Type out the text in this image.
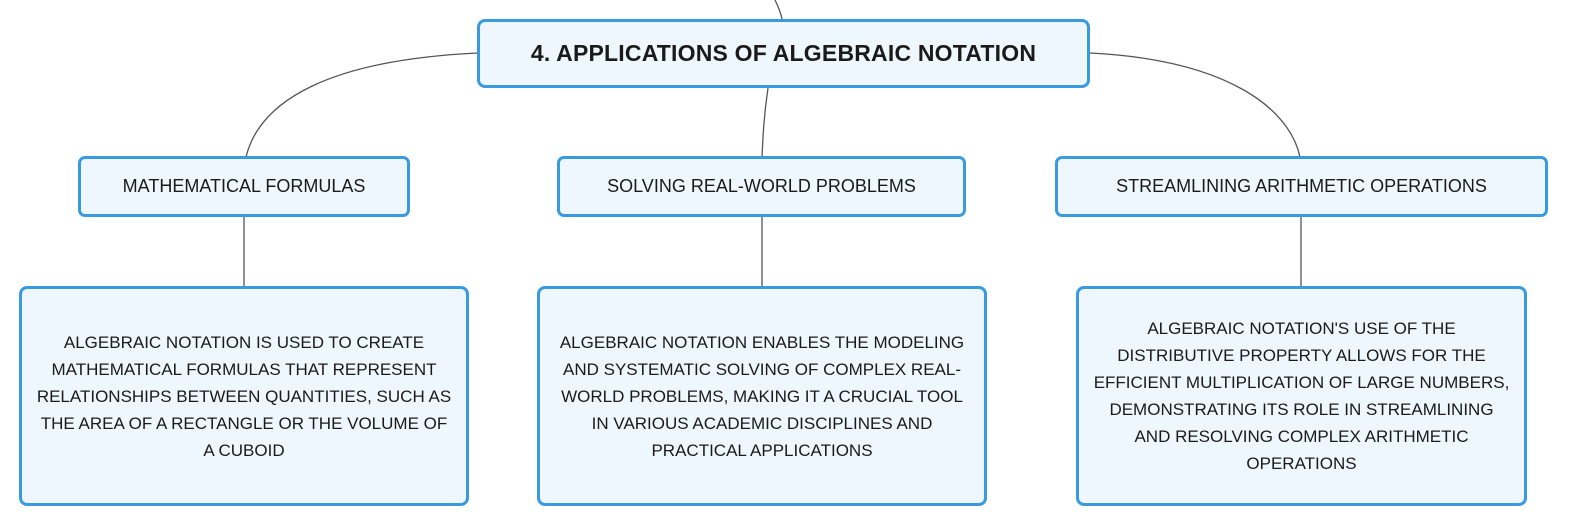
4. APPLICATIONS OF ALGEBRAIC NOTATION
MATHEMATICAL FORMULAS	SOLVING REAL-WORLD PROBLEMS	STREAMLINING ARITHMETIC OPERATIONS
ALGEBRAIC NOTATION IS USED TO CREATE MATHEMATICAL FORMULAS THAT REPRESENT RELATIONSHIPS BETWEEN QUANTITIES, SUCH AS THE AREA OF A RECTANGLE OR THE VOLUME OF A CUBOID
ALGEBRAIC NOTATION ENABLES THE MODELING AND SYSTEMATIC SOLVING OF COMPLEX REAL-WORLD PROBLEMS, MAKING IT A CRUCIAL TOOL IN VARIOUS ACADEMIC DISCIPLINES AND PRACTICAL APPLICATIONS
ALGEBRAIC NOTATION'S USE OF THE DISTRIBUTIVE PROPERTY ALLOWS FOR THE EFFICIENT MULTIPLICATION OF LARGE NUMBERS, DEMONSTRATING ITS ROLE IN STREAMLINING AND RESOLVING COMPLEX ARITHMETIC OPERATIONS
